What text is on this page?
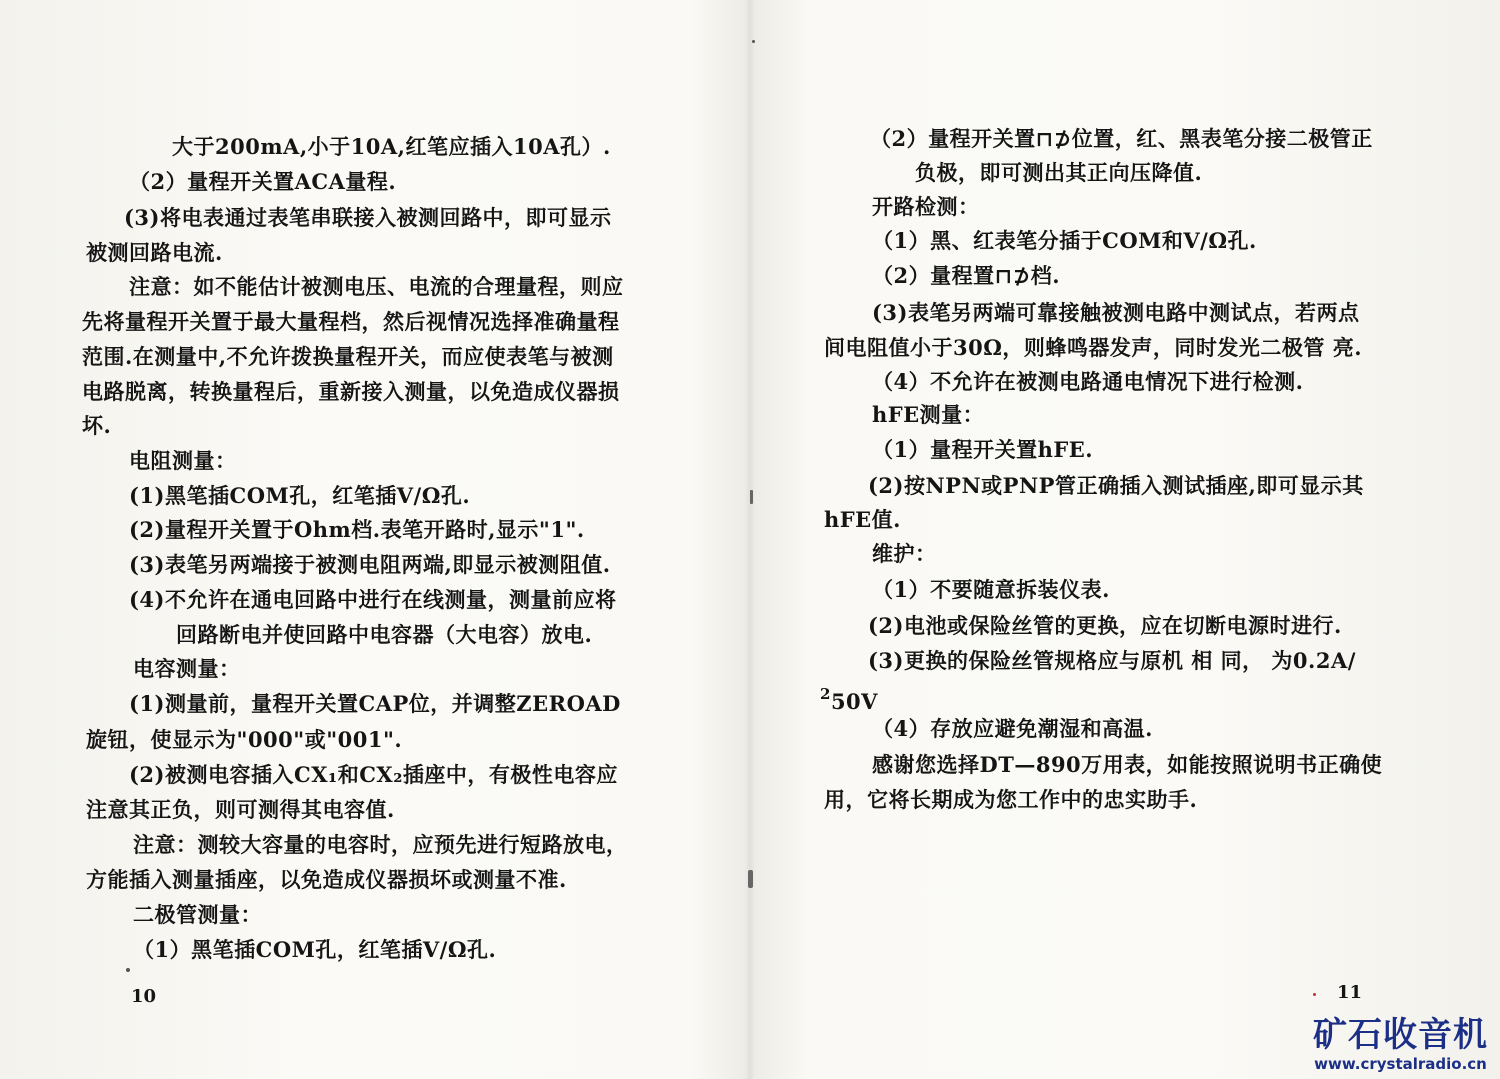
大于200mA,小于10A,红笔应插入10A孔）.
（2）量程开关置ACA量程.
(3)将电表通过表笔串联接入被测回路中，即可显示
被测回路电流.
注意：如不能估计被测电压、电流的合理量程，则应
先将量程开关置于最大量程档，然后视情况选择准确量程
范围.在测量中,不允许拨换量程开关，而应使表笔与被测
电路脱离，转换量程后，重新接入测量，以免造成仪器损
坏.
电阻测量：
(1)黑笔插COM孔，红笔插V/Ω孔.
(2)量程开关置于Ohm档.表笔开路时,显示"1".
(3)表笔另两端接于被测电阻两端,即显示被测阻值.
(4)不允许在通电回路中进行在线测量，测量前应将
回路断电并使回路中电容器（大电容）放电.
电容测量：
(1)测量前，量程开关置CAP位，并调整ZEROAD
旋钮，使显示为"000"或"001".
(2)被测电容插入CX₁和CX₂插座中，有极性电容应
注意其正负，则可测得其电容值.
注意：测较大容量的电容时，应预先进行短路放电，
方能插入测量插座，以免造成仪器损坏或测量不准.
二极管测量：
（1）黑笔插COM孔，红笔插V/Ω孔.
10
（2）量程开关置⊓⊅位置，红、黑表笔分接二极管正
负极，即可测出其正向压降值.
开路检测：
（1）黑、红表笔分插于COM和V/Ω孔.
（2）量程置⊓⊅档.
(3)表笔另两端可靠接触被测电路中测试点，若两点
间电阻值小于30Ω，则蜂鸣器发声，同时发光二极管 亮.
（4）不允许在被测电路通电情况下进行检测.
hFE测量：
（1）量程开关置hFE.
(2)按NPN或PNP管正确插入测试插座,即可显示其
hFE值.
维护：
（1）不要随意拆装仪表.
(2)电池或保险丝管的更换，应在切断电源时进行.
(3)更换的保险丝管规格应与原机 相 同， 为0.2A/
$^2$50V
（4）存放应避免潮湿和高温.
感谢您选择DT—890万用表，如能按照说明书正确使
用，它将长期成为您工作中的忠实助手.
11
矿石收音机
www.crystalradio.cn
